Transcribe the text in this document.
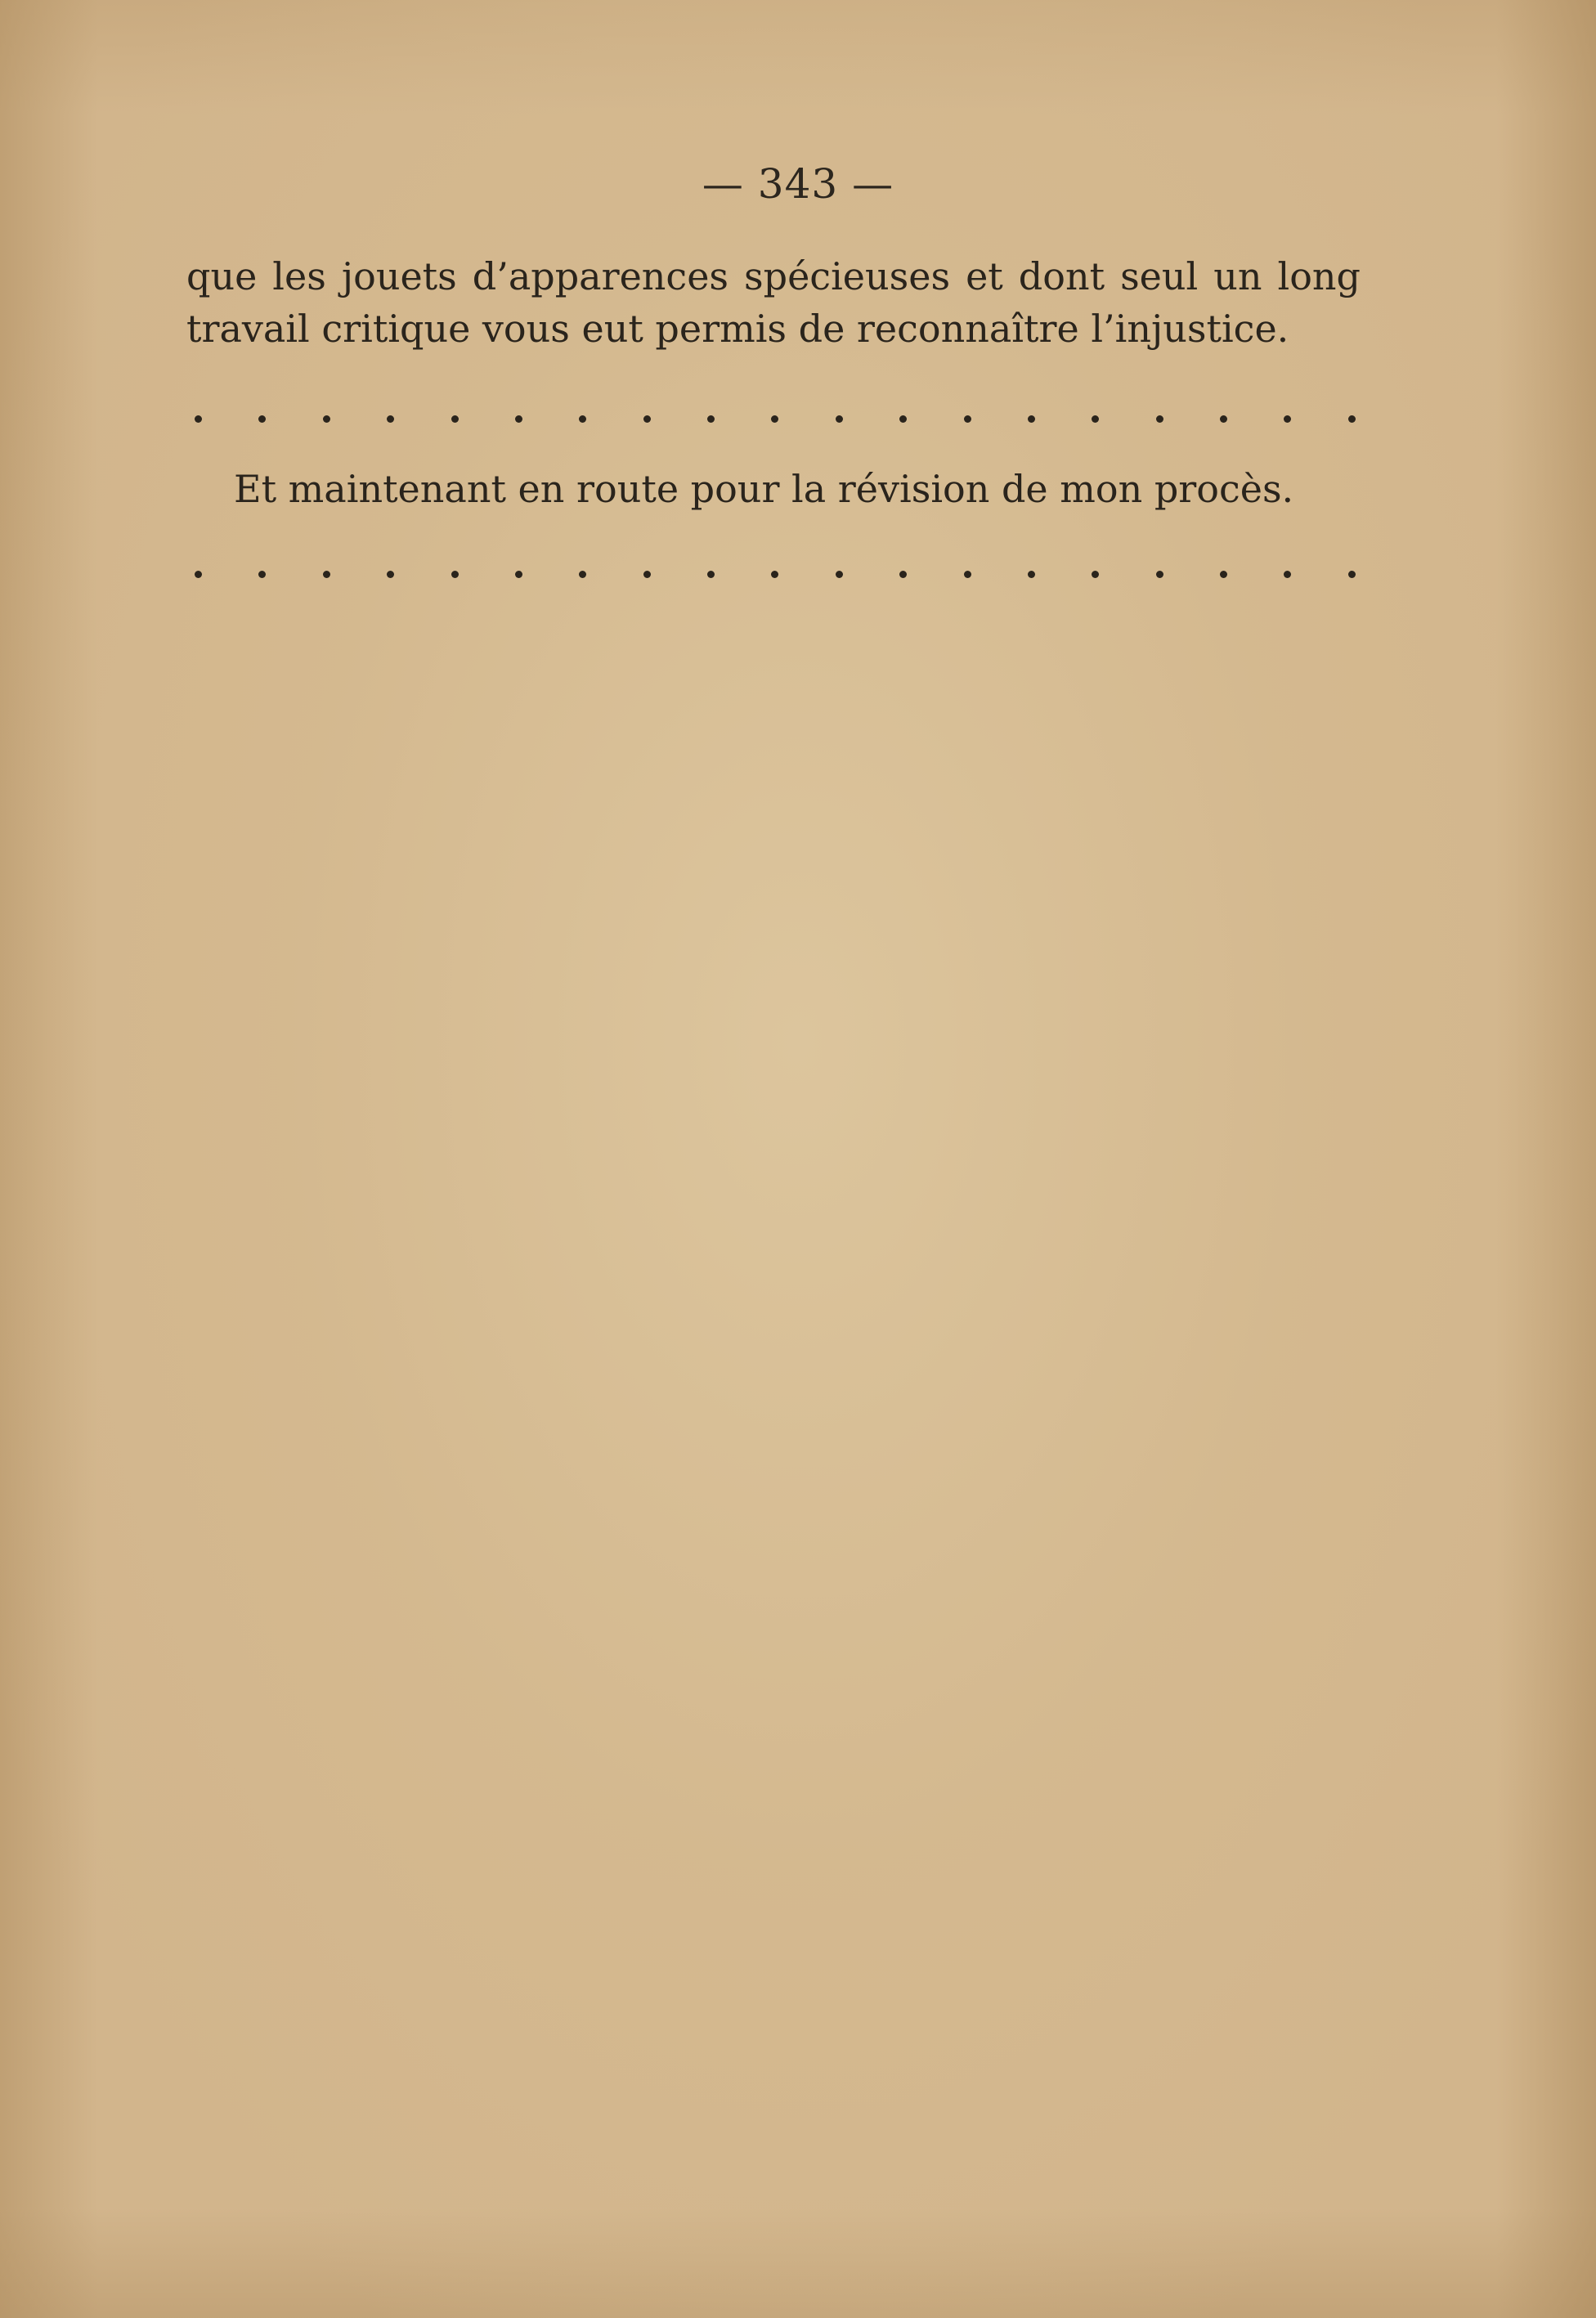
— 343 —
que les jouets d’apparences spécieuses et dont seul un long
travail critique vous eut permis de reconnaître l’injustice.
Et maintenant en route pour la révision de mon procès.
